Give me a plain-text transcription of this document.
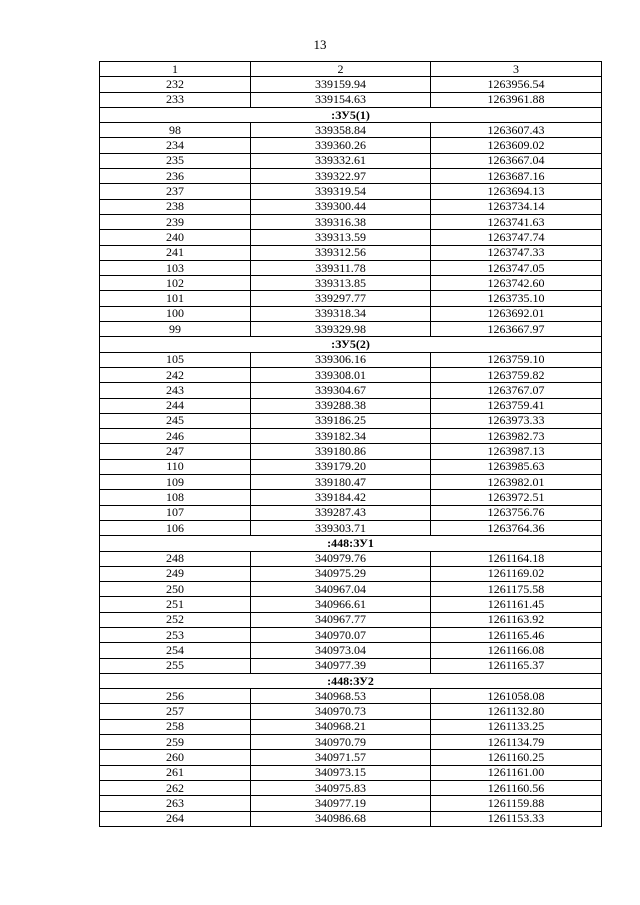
13
1	2	3
232	339159.94	1263956.54
233	339154.63	1263961.88
:ЗУ5(1)		
98	339358.84	1263607.43
234	339360.26	1263609.02
235	339332.61	1263667.04
236	339322.97	1263687.16
237	339319.54	1263694.13
238	339300.44	1263734.14
239	339316.38	1263741.63
240	339313.59	1263747.74
241	339312.56	1263747.33
103	339311.78	1263747.05
102	339313.85	1263742.60
101	339297.77	1263735.10
100	339318.34	1263692.01
99	339329.98	1263667.97
:ЗУ5(2)		
105	339306.16	1263759.10
242	339308.01	1263759.82
243	339304.67	1263767.07
244	339288.38	1263759.41
245	339186.25	1263973.33
246	339182.34	1263982.73
247	339180.86	1263987.13
110	339179.20	1263985.63
109	339180.47	1263982.01
108	339184.42	1263972.51
107	339287.43	1263756.76
106	339303.71	1263764.36
:448:ЗУ1		
248	340979.76	1261164.18
249	340975.29	1261169.02
250	340967.04	1261175.58
251	340966.61	1261161.45
252	340967.77	1261163.92
253	340970.07	1261165.46
254	340973.04	1261166.08
255	340977.39	1261165.37
:448:ЗУ2		
256	340968.53	1261058.08
257	340970.73	1261132.80
258	340968.21	1261133.25
259	340970.79	1261134.79
260	340971.57	1261160.25
261	340973.15	1261161.00
262	340975.83	1261160.56
263	340977.19	1261159.88
264	340986.68	1261153.33
